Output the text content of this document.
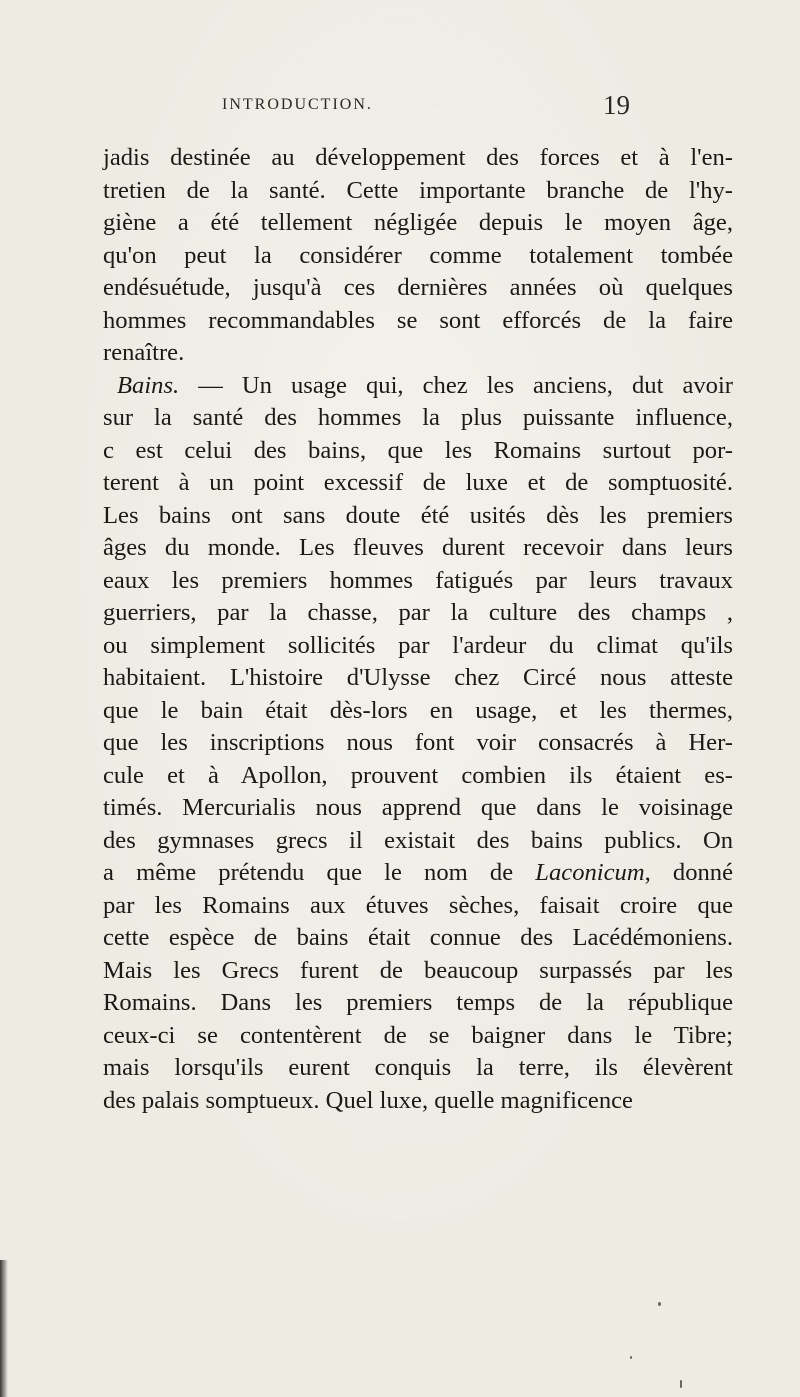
INTRODUCTION.	19
jadis destinée au développement des forces et à l'en-
tretien de la santé. Cette importante branche de l'hy-
giène a été tellement négligée depuis le moyen âge,
qu'on peut la considérer comme totalement tombée
endésuétude, jusqu'à ces dernières années où quelques
hommes recommandables se sont efforcés de la faire
renaître.
Bains. — Un usage qui, chez les anciens, dut avoir
sur la santé des hommes la plus puissante influence,
c est celui des bains, que les Romains surtout por-
terent à un point excessif de luxe et de somptuosité.
Les bains ont sans doute été usités dès les premiers
âges du monde. Les fleuves durent recevoir dans leurs
eaux les premiers hommes fatigués par leurs travaux
guerriers, par la chasse, par la culture des champs ,
ou simplement sollicités par l'ardeur du climat qu'ils
habitaient. L'histoire d'Ulysse chez Circé nous atteste
que le bain était dès-lors en usage, et les thermes,
que les inscriptions nous font voir consacrés à Her-
cule et à Apollon, prouvent combien ils étaient es-
timés. Mercurialis nous apprend que dans le voisinage
des gymnases grecs il existait des bains publics. On
a même prétendu que le nom de Laconicum, donné
par les Romains aux étuves sèches, faisait croire que
cette espèce de bains était connue des Lacédémoniens.
Mais les Grecs furent de beaucoup surpassés par les
Romains. Dans les premiers temps de la république
ceux-ci se contentèrent de se baigner dans le Tibre;
mais lorsqu'ils eurent conquis la terre, ils élevèrent
des palais somptueux. Quel luxe, quelle magnificence
